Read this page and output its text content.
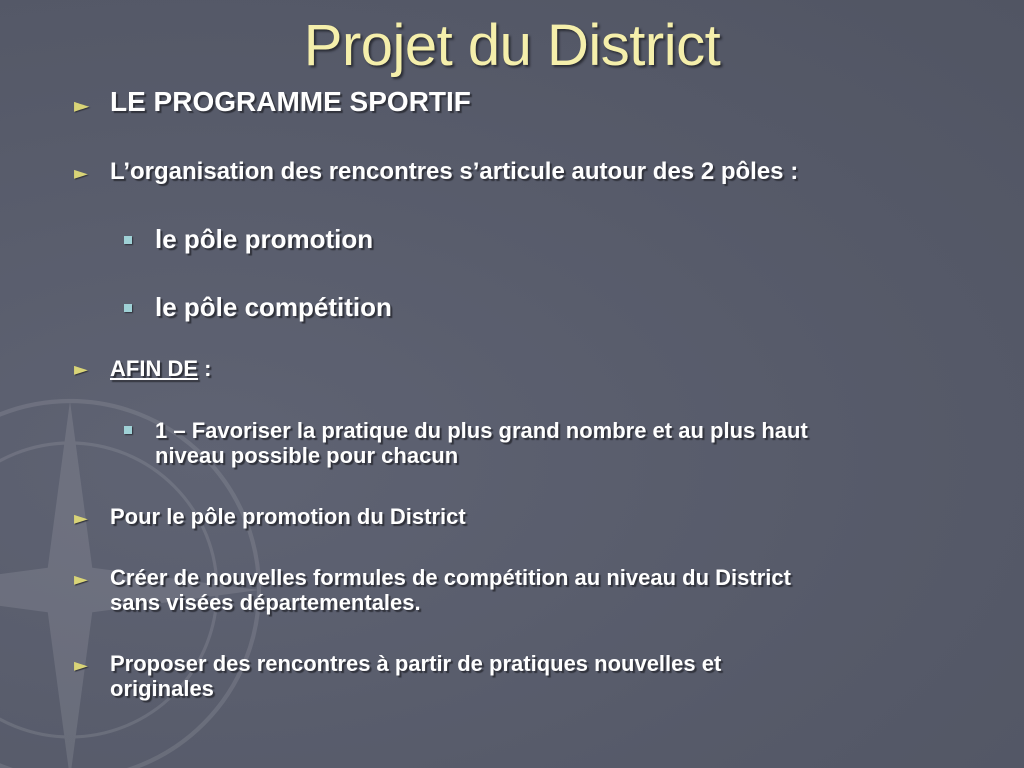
Projet du District
► LE PROGRAMME SPORTIF
► L’organisation des rencontres s’articule autour des 2 pôles :
le pôle promotion
le pôle compétition
► AFIN DE :
1 – Favoriser la pratique du plus grand nombre et au plus haut
niveau possible pour chacun
► Pour le pôle promotion du District
► Créer de nouvelles formules de compétition au niveau du District
sans visées départementales.
► Proposer des rencontres à partir de pratiques nouvelles et
originales
